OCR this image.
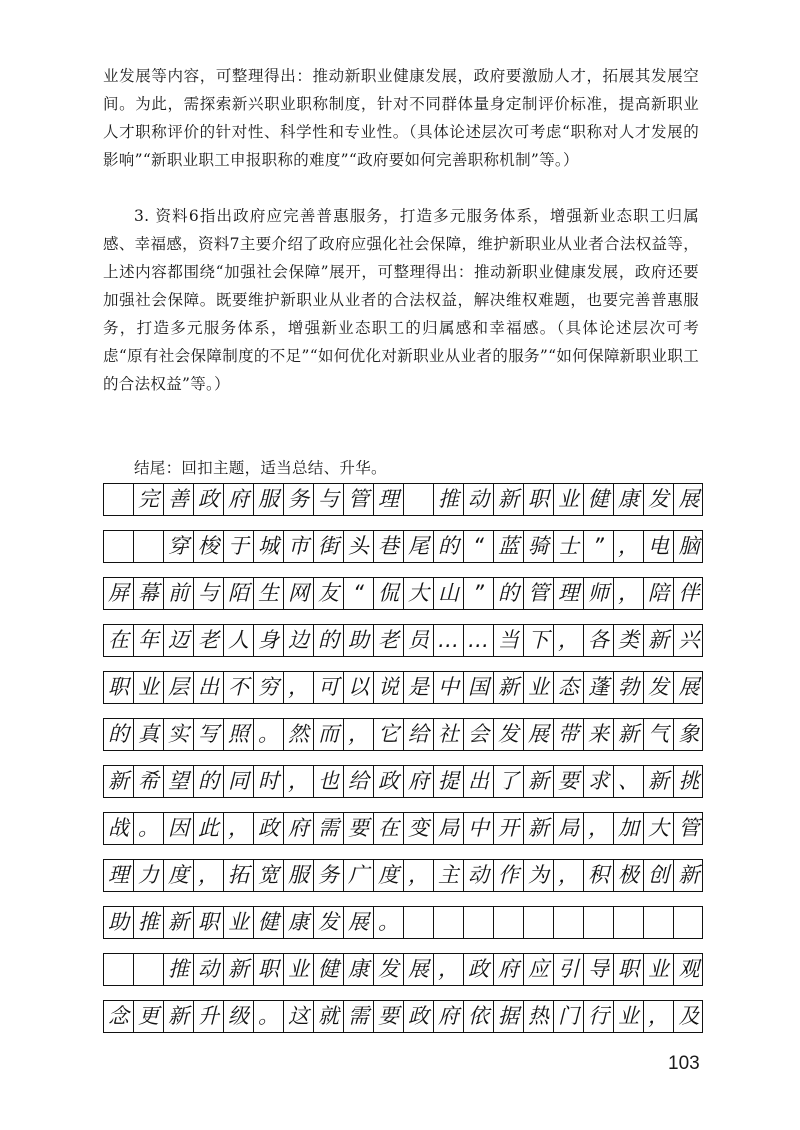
业发展等内容，可整理得出：推动新职业健康发展，政府要激励人才，拓展其发展空间。为此，需探索新兴职业职称制度，针对不同群体量身定制评价标准，提高新职业人才职称评价的针对性、科学性和专业性。（具体论述层次可考虑“职称对人才发展的影响”“新职业职工申报职称的难度”“政府要如何完善职称机制”等。）

3. 资料6指出政府应完善普惠服务，打造多元服务体系，增强新业态职工归属感、幸福感，资料7主要介绍了政府应强化社会保障，维护新职业从业者合法权益等，上述内容都围绕“加强社会保障”展开，可整理得出：推动新职业健康发展，政府还要加强社会保障。既要维护新职业从业者的合法权益，解决维权难题，也要完善普惠服务，打造多元服务体系，增强新业态职工的归属感和幸福感。（具体论述层次可考虑“原有社会保障制度的不足”“如何优化对新职业从业者的服务”“如何保障新职业职工的合法权益”等。）

结尾：回扣主题，适当总结、升华。

完 善 政 府 服 务 与 管 理 推 动 新 职 业 健 康 发 展
穿 梭 于 城 市 街 头 巷 尾 的 “ 蓝 骑 士 ” ， 电 脑
屏 幕 前 与 陌 生 网 友 “ 侃 大 山 ” 的 管 理 师 ， 陪 伴
在 年 迈 老 人 身 边 的 助 老 员 … … 当 下 ， 各 类 新 兴
职 业 层 出 不 穷 ， 可 以 说 是 中 国 新 业 态 蓬 勃 发 展
的 真 实 写 照 。 然 而 ， 它 给 社 会 发 展 带 来 新 气 象
新 希 望 的 同 时 ， 也 给 政 府 提 出 了 新 要 求 、 新 挑
战 。 因 此 ， 政 府 需 要 在 变 局 中 开 新 局 ， 加 大 管
理 力 度 ， 拓 宽 服 务 广 度 ， 主 动 作 为 ， 积 极 创 新
助 推 新 职 业 健 康 发 展 。
推 动 新 职 业 健 康 发 展 ， 政 府 应 引 导 职 业 观
念 更 新 升 级 。 这 就 需 要 政 府 依 据 热 门 行 业 ， 及
103
